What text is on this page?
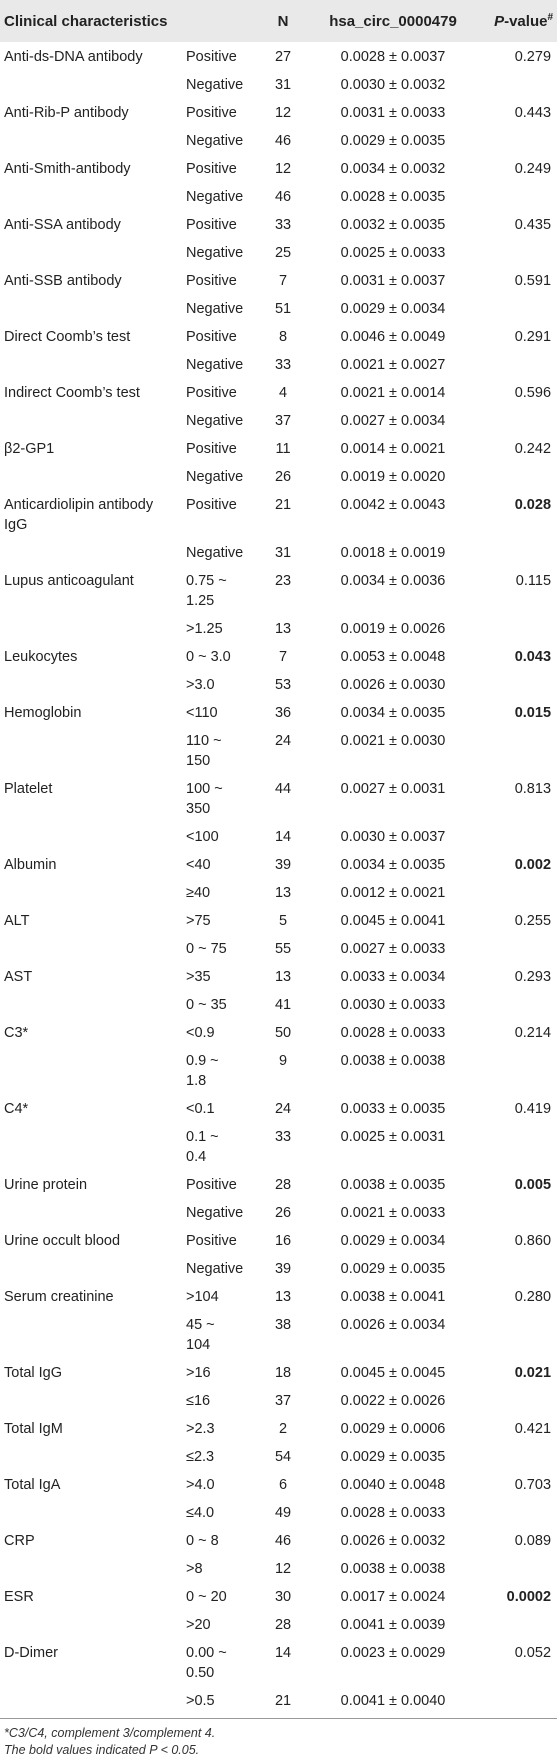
Clinical characteristics		N	hsa_circ_0000479	P-value#
Anti-ds-DNA antibody	Positive	27	0.0028 ± 0.0037	0.279
	Negative	31	0.0030 ± 0.0032	
Anti-Rib-P antibody	Positive	12	0.0031 ± 0.0033	0.443
	Negative	46	0.0029 ± 0.0035	
Anti-Smith-antibody	Positive	12	0.0034 ± 0.0032	0.249
	Negative	46	0.0028 ± 0.0035	
Anti-SSA antibody	Positive	33	0.0032 ± 0.0035	0.435
	Negative	25	0.0025 ± 0.0033	
Anti-SSB antibody	Positive	7	0.0031 ± 0.0037	0.591
	Negative	51	0.0029 ± 0.0034	
Direct Coomb’s test	Positive	8	0.0046 ± 0.0049	0.291
	Negative	33	0.0021 ± 0.0027	
Indirect Coomb’s test	Positive	4	0.0021 ± 0.0014	0.596
	Negative	37	0.0027 ± 0.0034	
β2-GP1	Positive	11	0.0014 ± 0.0021	0.242
	Negative	26	0.0019 ± 0.0020	
Anticardiolipin antibody IgG	Positive	21	0.0042 ± 0.0043	0.028
	Negative	31	0.0018 ± 0.0019	
Lupus anticoagulant	0.75 ~ 1.25	23	0.0034 ± 0.0036	0.115
	>1.25	13	0.0019 ± 0.0026	
Leukocytes	0 ~ 3.0	7	0.0053 ± 0.0048	0.043
	>3.0	53	0.0026 ± 0.0030	
Hemoglobin	<110	36	0.0034 ± 0.0035	0.015
	110 ~ 150	24	0.0021 ± 0.0030	
Platelet	100 ~ 350	44	0.0027 ± 0.0031	0.813
	<100	14	0.0030 ± 0.0037	
Albumin	<40	39	0.0034 ± 0.0035	0.002
	≥40	13	0.0012 ± 0.0021	
ALT	>75	5	0.0045 ± 0.0041	0.255
	0 ~ 75	55	0.0027 ± 0.0033	
AST	>35	13	0.0033 ± 0.0034	0.293
	0 ~ 35	41	0.0030 ± 0.0033	
C3*	<0.9	50	0.0028 ± 0.0033	0.214
	0.9 ~ 1.8	9	0.0038 ± 0.0038	
C4*	<0.1	24	0.0033 ± 0.0035	0.419
	0.1 ~ 0.4	33	0.0025 ± 0.0031	
Urine protein	Positive	28	0.0038 ± 0.0035	0.005
	Negative	26	0.0021 ± 0.0033	
Urine occult blood	Positive	16	0.0029 ± 0.0034	0.860
	Negative	39	0.0029 ± 0.0035	
Serum creatinine	>104	13	0.0038 ± 0.0041	0.280
	45 ~ 104	38	0.0026 ± 0.0034	
Total IgG	>16	18	0.0045 ± 0.0045	0.021
	≤16	37	0.0022 ± 0.0026	
Total IgM	>2.3	2	0.0029 ± 0.0006	0.421
	≤2.3	54	0.0029 ± 0.0035	
Total IgA	>4.0	6	0.0040 ± 0.0048	0.703
	≤4.0	49	0.0028 ± 0.0033	
CRP	0 ~ 8	46	0.0026 ± 0.0032	0.089
	>8	12	0.0038 ± 0.0038	
ESR	0 ~ 20	30	0.0017 ± 0.0024	0.0002
	>20	28	0.0041 ± 0.0039	
D-Dimer	0.00 ~ 0.50	14	0.0023 ± 0.0029	0.052
	>0.5	21	0.0041 ± 0.0040	
*C3/C4, complement 3/complement 4.
The bold values indicated P < 0.05.
